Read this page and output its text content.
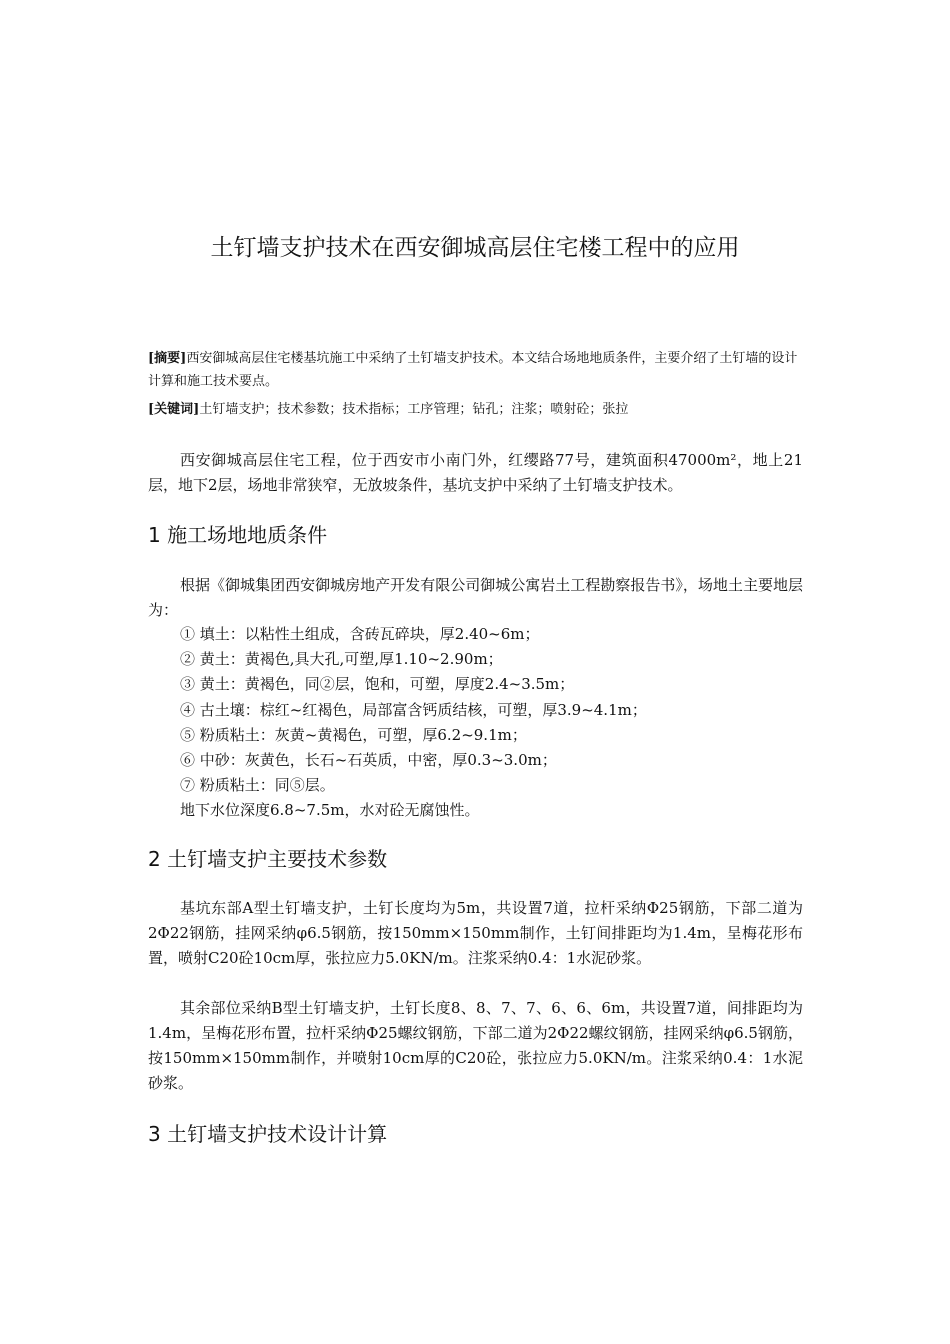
土钉墙支护技术在西安御城高层住宅楼工程中的应用
[摘要]西安御城高层住宅楼基坑施工中采纳了土钉墙支护技术。本文结合场地地质条件，主要介绍了土钉墙的设计计算和施工技术要点。
[关键词]土钉墙支护；技术参数；技术指标；工序管理；钻孔；注浆；喷射砼；张拉

西安御城高层住宅工程，位于西安市小南门外，红缨路77号，建筑面积47000m²，地上21层，地下2层，场地非常狭窄，无放坡条件，基坑支护中采纳了土钉墙支护技术。

1 施工场地地质条件

根据《御城集团西安御城房地产开发有限公司御城公寓岩土工程勘察报告书》，场地土主要地层为：

① 填土：以粘性土组成，含砖瓦碎块，厚2.40~6m；
② 黄土：黄褐色,具大孔,可塑,厚1.10~2.90m；
③ 黄土：黄褐色，同②层，饱和，可塑，厚度2.4~3.5m；
④ 古土壤：棕红~红褐色，局部富含钙质结核，可塑，厚3.9~4.1m；
⑤ 粉质粘土：灰黄~黄褐色，可塑，厚6.2~9.1m；
⑥ 中砂：灰黄色，长石~石英质，中密，厚0.3~3.0m；
⑦ 粉质粘土：同⑤层。
地下水位深度6.8~7.5m，水对砼无腐蚀性。
2 土钉墙支护主要技术参数

基坑东部A型土钉墙支护，土钉长度均为5m，共设置7道，拉杆采纳Φ25钢筋，下部二道为2Φ22钢筋，挂网采纳φ6.5钢筋，按150mm×150mm制作，土钉间排距均为1.4m，呈梅花形布置，喷射C20砼10cm厚，张拉应力5.0KN/m。注浆采纳0.4：1水泥砂浆。

其余部位采纳B型土钉墙支护，土钉长度8、8、7、7、6、6、6m，共设置7道，间排距均为1.4m，呈梅花形布置，拉杆采纳Φ25螺纹钢筋，下部二道为2Φ22螺纹钢筋，挂网采纳φ6.5钢筋，按150mm×150mm制作，并喷射10cm厚的C20砼，张拉应力5.0KN/m。注浆采纳0.4：1水泥砂浆。

3 土钉墙支护技术设计计算
